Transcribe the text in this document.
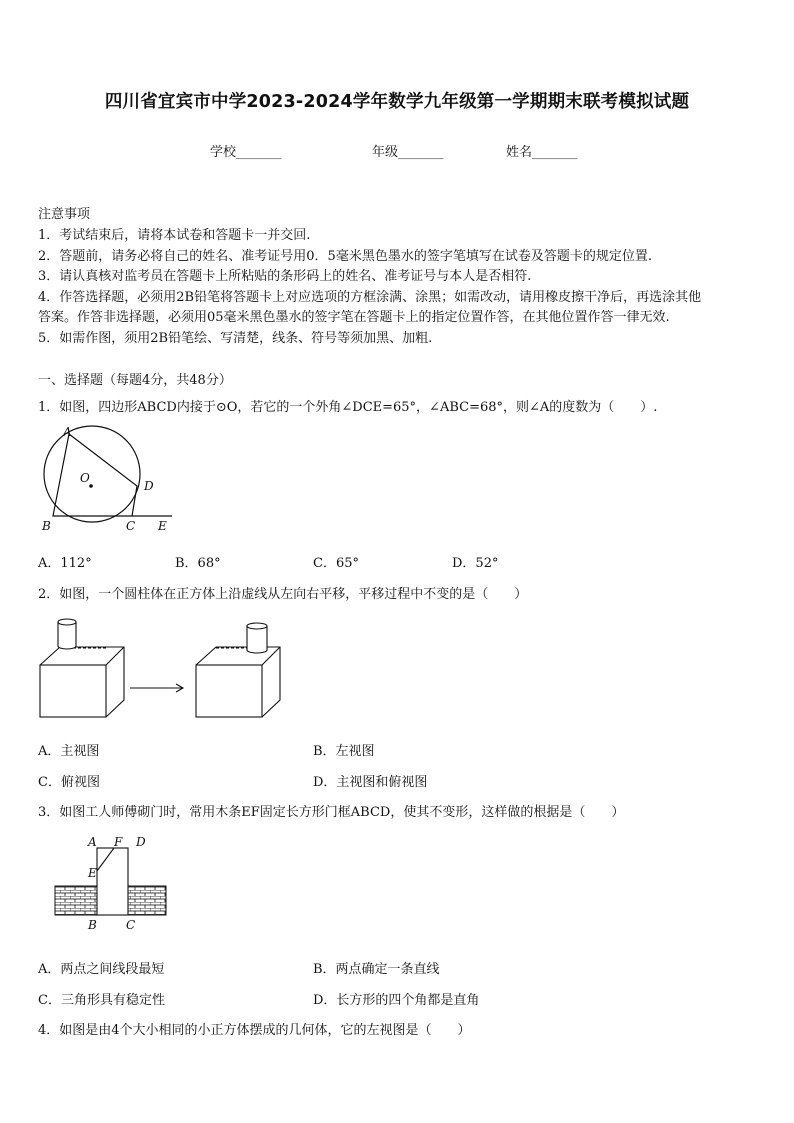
四川省宜宾市中学2023-2024学年数学九年级第一学期期末联考模拟试题
学校_______	年级_______	姓名_______
注意事项
1．考试结束后，请将本试卷和答题卡一并交回.
2．答题前，请务必将自己的姓名、准考证号用0．5毫米黑色墨水的签字笔填写在试卷及答题卡的规定位置.
3．请认真核对监考员在答题卡上所粘贴的条形码上的姓名、准考证号与本人是否相符.
4．作答选择题，必须用2B铅笔将答题卡上对应选项的方框涂满、涂黑；如需改动，请用橡皮擦干净后，再选涂其他
答案。作答非选择题，必须用05毫米黑色墨水的签字笔在答题卡上的指定位置作答，在其他位置作答一律无效.
5．如需作图，须用2B铅笔绘、写清楚，线条、符号等须加黑、加粗.
一、选择题（每题4分，共48分）
1．如图，四边形ABCD内接于⊙O，若它的一个外角∠DCE=65°，∠ABC=68°，则∠A的度数为（　　）.
A
O
D
B	C E
A．112°	B．68°	C．65°	D．52°
2．如图，一个圆柱体在正方体上沿虚线从左向右平移，平移过程中不变的是（　　）
A．主视图	B．左视图
C．俯视图	D．主视图和俯视图
3．如图工人师傅砌门时，常用木条EF固定长方形门框ABCD，使其不变形，这样做的根据是（　　）
A F D
E
B C
A．两点之间线段最短	B．两点确定一条直线
C．三角形具有稳定性	D．长方形的四个角都是直角
4．如图是由4个大小相同的小正方体摆成的几何体，它的左视图是（　　）
